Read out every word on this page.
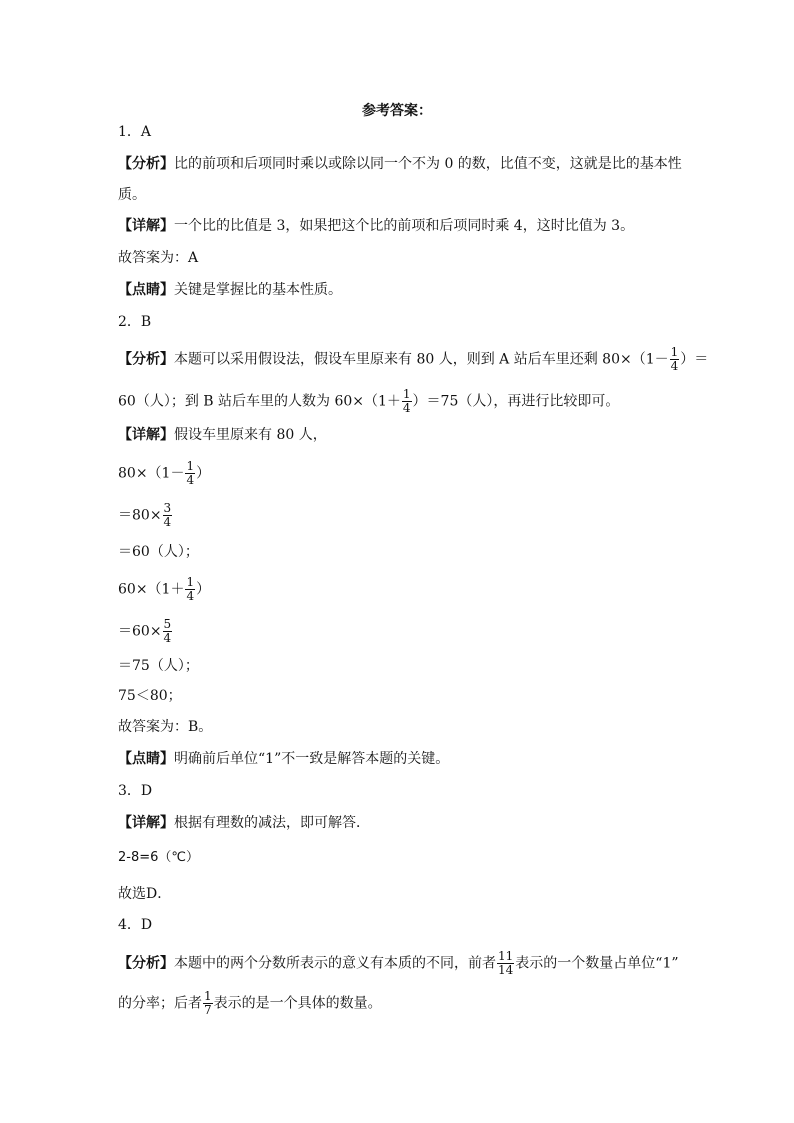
参考答案：
1．A
【分析】比的前项和后项同时乘以或除以同一个不为 0 的数，比值不变，这就是比的基本性
质。
【详解】一个比的比值是 3，如果把这个比的前项和后项同时乘 4，这时比值为 3。
故答案为：A
【点睛】关键是掌握比的基本性质。
2．B
【分析】本题可以采用假设法，假设车里原来有 80 人，则到 A 站后车里还剩 $80\times(1- \frac{1}{4}$ ）＝
60（人）；到 B 站后车里的人数为 $60\times(1+ \frac{1}{4} )=75$（人），再进行比较即可。
【详解】假设车里原来有 80 人，
$80\times(1- \frac{1}{4}$ ）
$=80\times \frac{3}{4}$
＝60（人）；
$60\times(1+ \frac{1}{4}$ ）
$=60\times \frac{5}{4}$
＝75（人）；
75＜80；
故答案为：B。
【点睛】明确前后单位“1”不一致是解答本题的关键。
3．D
【详解】根据有理数的减法，即可解答．
2-8=6（℃）
故选D．
4．D
【分析】本题中的两个分数所表示的意义有本质的不同，前者 $\frac{11}{14}$ 表示的一个数量占单位“1”
的分率；后者 $\frac{1}{7}$ 表示的是一个具体的数量。
